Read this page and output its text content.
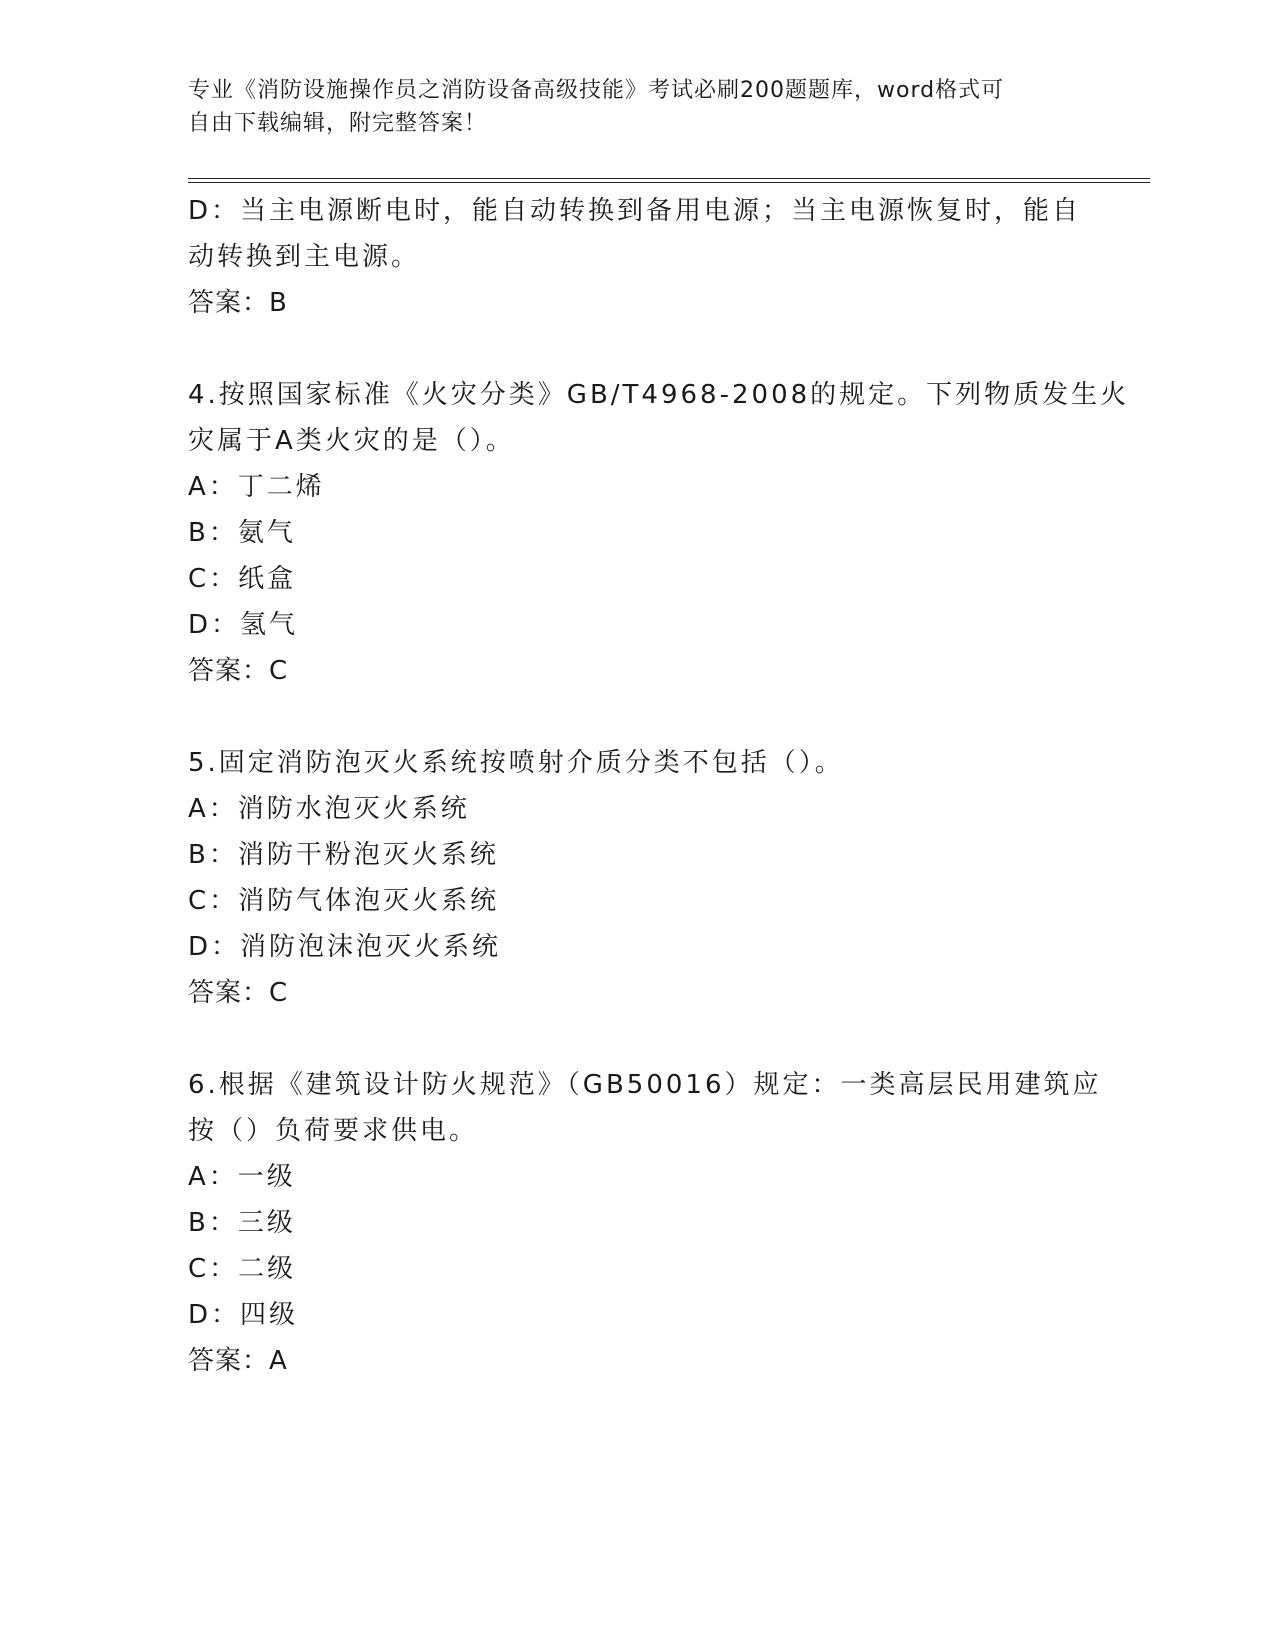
专业《消防设施操作员之消防设备高级技能》考试必刷200题题库，word格式可
自由下载编辑，附完整答案！
D：当主电源断电时，能自动转换到备用电源；当主电源恢复时，能自
动转换到主电源。
答案：B
4.按照国家标准《火灾分类》GB/T4968-2008的规定。下列物质发生火
灾属于A类火灾的是（）。
A：丁二烯
B：氨气
C：纸盒
D：氢气
答案：C
5.固定消防泡灭火系统按喷射介质分类不包括（）。
A：消防水泡灭火系统
B：消防干粉泡灭火系统
C：消防气体泡灭火系统
D：消防泡沫泡灭火系统
答案：C
6.根据《建筑设计防火规范》（GB50016）规定：一类高层民用建筑应
按（）负荷要求供电。
A：一级
B：三级
C：二级
D：四级
答案：A
